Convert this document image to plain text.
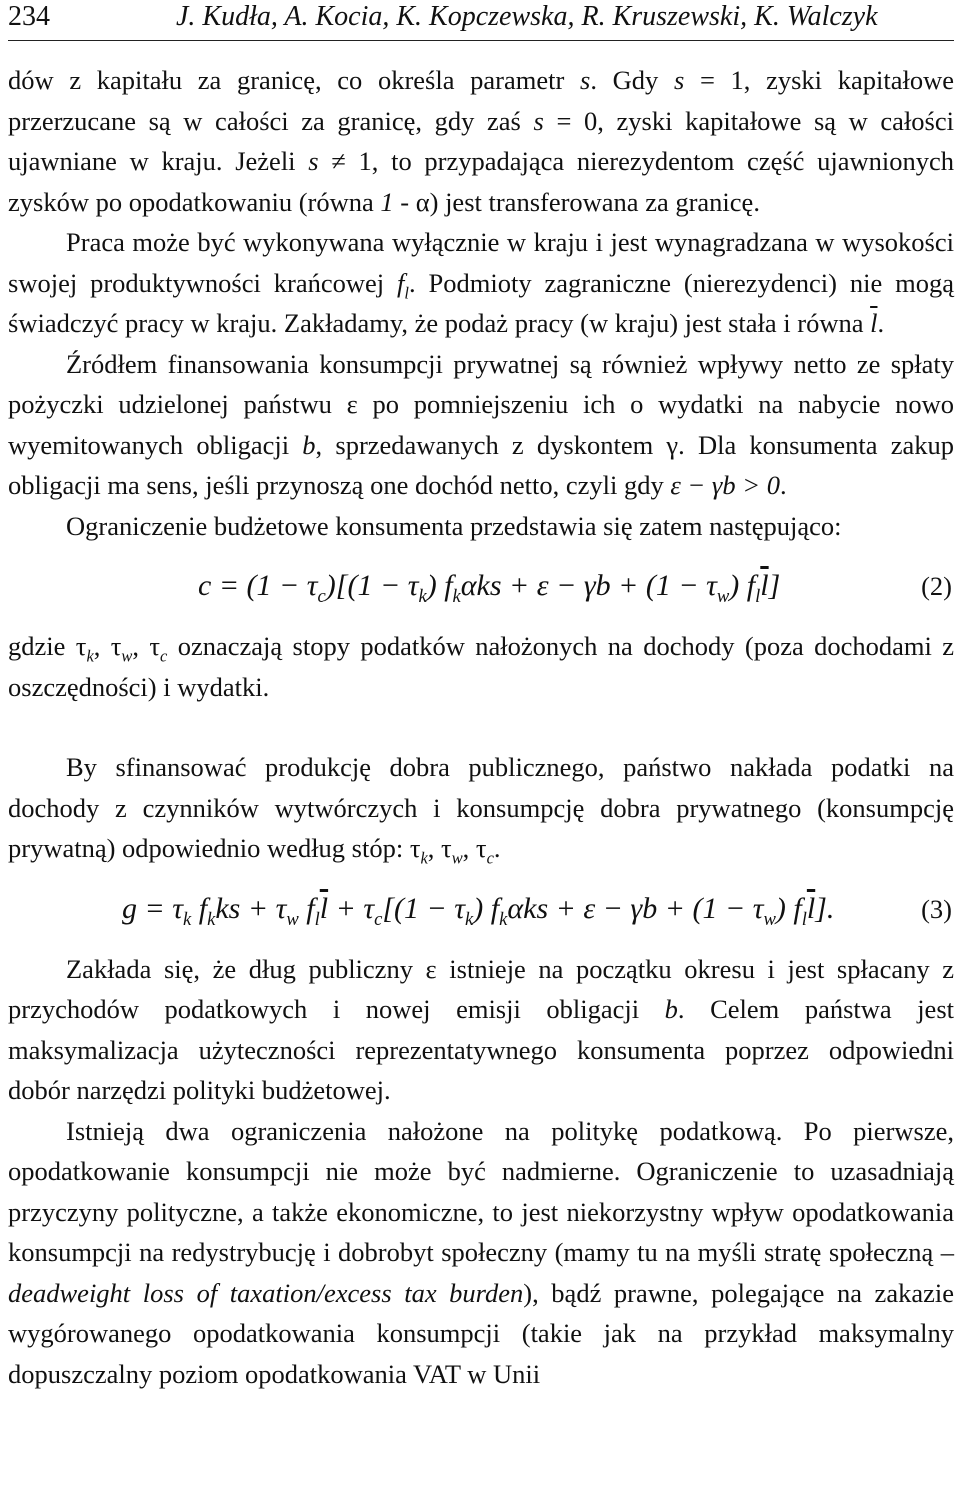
234	J. Kudła, A. Kocia, K. Kopczewska, R. Kruszewski, K. Walczyk

dów z kapitału za granicę, co określa parametr s. Gdy s = 1, zyski kapitałowe przerzucane są w całości za granicę, gdy zaś s = 0, zyski kapitałowe są w całości ujawniane w kraju. Jeżeli s ≠ 1, to przypadająca nierezydentom część ujawnionych zysków po opodatkowaniu (równa 1 - α) jest transferowana za granicę.

Praca może być wykonywana wyłącznie w kraju i jest wynagradzana w wysokości swojej produktywności krańcowej $f_l$. Podmioty zagraniczne (nierezydenci) nie mogą świadczyć pracy w kraju. Zakładamy, że podaż pracy (w kraju) jest stała i równa $\overline{l}$.

Źródłem finansowania konsumpcji prywatnej są również wpływy netto ze spłaty pożyczki udzielonej państwu ε po pomniejszeniu ich o wydatki na nabycie nowo wyemitowanych obligacji b, sprzedawanych z dyskontem γ. Dla konsumenta zakup obligacji ma sens, jeśli przynoszą one dochód netto, czyli gdy ε − γb > 0.

Ograniczenie budżetowe konsumenta przedstawia się zatem następująco:

$c = (1 - \tau_c)[(1 - \tau_k)$ $f_k\alpha ks + \varepsilon - \gamma b + (1 - \tau_w)$ $f_l\overline{l}$]	(2)

gdzie $\tau_k$, $\tau_w$, $\tau_c$ oznaczają stopy podatków nałożonych na dochody (poza dochodami z oszczędności) i wydatki.

By sfinansować produkcję dobra publicznego, państwo nakłada podatki na dochody z czynników wytwórczych i konsumpcję dobra prywatnego (konsumpcję prywatną) odpowiednio według stóp: $\tau_k$, $\tau_w$, $\tau_c$.

$g = \tau_k$ $f_kks + \tau_w$ $f_l\overline{l} + \tau_c[(1 - \tau_k) f_k\alpha ks + \varepsilon - \gamma b + (1 - \tau_w)$ $f_l\overline{l}$].	(3)

Zakłada się, że dług publiczny ε istnieje na początku okresu i jest spłacany z przychodów podatkowych i nowej emisji obligacji b. Celem państwa jest maksymalizacja użyteczności reprezentatywnego konsumenta poprzez odpowiedni dobór narzędzi polityki budżetowej.

Istnieją dwa ograniczenia nałożone na politykę podatkową. Po pierwsze, opodatkowanie konsumpcji nie może być nadmierne. Ograniczenie to uzasadniają przyczyny polityczne, a także ekonomiczne, to jest niekorzystny wpływ opodatkowania konsumpcji na redystrybucję i dobrobyt społeczny (mamy tu na myśli stratę społeczną – deadweight loss of taxation/excess tax burden), bądź prawne, polegające na zakazie wygórowanego opodatkowania konsumpcji (takie jak na przykład maksymalny dopuszczalny poziom opodatkowania VAT w Unii
